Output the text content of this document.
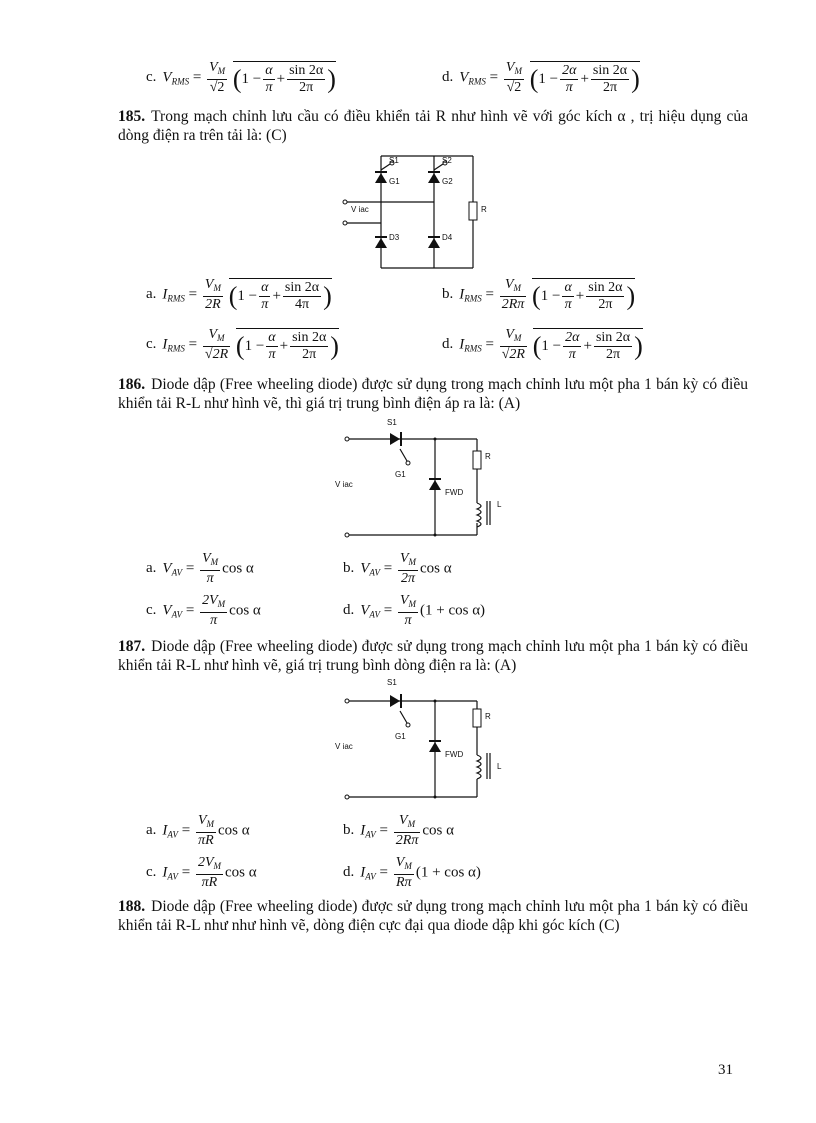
c. $V_{RMS} = \frac{V_M}{√2} (1 - \frac{\alpha}{\pi} + \frac{\sin 2\alpha}{2\pi}$ )	d. $V_{RMS} = \frac{V_M}{√2} (1 - \frac{2\alpha}{\pi} + \frac{\sin 2\alpha}{2\pi}$ )
185. Trong mạch chỉnh lưu cầu có điều khiển tải R như hình vẽ với góc kích α , trị hiệu dụng của dòng điện ra trên tải là: (C)
S1	S2
G1	G2
V iac	R
D3	D4
a. $I_{RMS} = \frac{V_M}{2R} (1 - \frac{\alpha}{\pi} + \frac{\sin 2\alpha}{4\pi}$ )	b. $I_{RMS} = \frac{V_M}{2R\pi} (1 - \frac{\alpha}{\pi} + \frac{\sin 2\alpha}{2\pi}$ )
c. $I_{RMS} = \frac{V_M}{√2R} (1 - \frac{\alpha}{\pi} + \frac{\sin 2\alpha}{2\pi}$ )	d. $I_{RMS} = \frac{V_M}{√2R} (1 - \frac{2\alpha}{\pi} + \frac{\sin 2\alpha}{2\pi}$ )
186. Diode dập (Free wheeling diode) được sử dụng trong mạch chỉnh lưu một pha 1 bán kỳ có điều khiển tải R-L như hình vẽ, thì giá trị trung bình điện áp ra là: (A)
S1
G1
V iac
R
FWD
L
a. $V_{AV} = \frac{V_M}{\pi}$ cos α	b. $V_{AV} = \frac{V_M}{2\pi}$ cos α
c. $V_{AV} = \frac{2V_M}{\pi}$ cos α	d. $V_{AV} = \frac{V_M}{\pi} (1 + \cos \alpha)$
187. Diode dập (Free wheeling diode) được sử dụng trong mạch chỉnh lưu một pha 1 bán kỳ có điều khiển tải R-L như hình vẽ, giá trị trung bình dòng điện ra là: (A)
S1
G1
V iac
R
FWD
L
a. $I_{AV} = \frac{V_M}{\pi R}$ cos α	b. $I_{AV} = \frac{V_M}{2R\pi}$ cos α
c. $I_{AV} = \frac{2V_M}{\pi R}$ cos α	d. $I_{AV} = \frac{V_M}{R\pi} (1 + \cos \alpha)$
188. Diode dập (Free wheeling diode) được sử dụng trong mạch chỉnh lưu một pha 1 bán kỳ có điều khiển tải R-L như như hình vẽ, dòng điện cực đại qua diode dập khi góc kích (C)
31
